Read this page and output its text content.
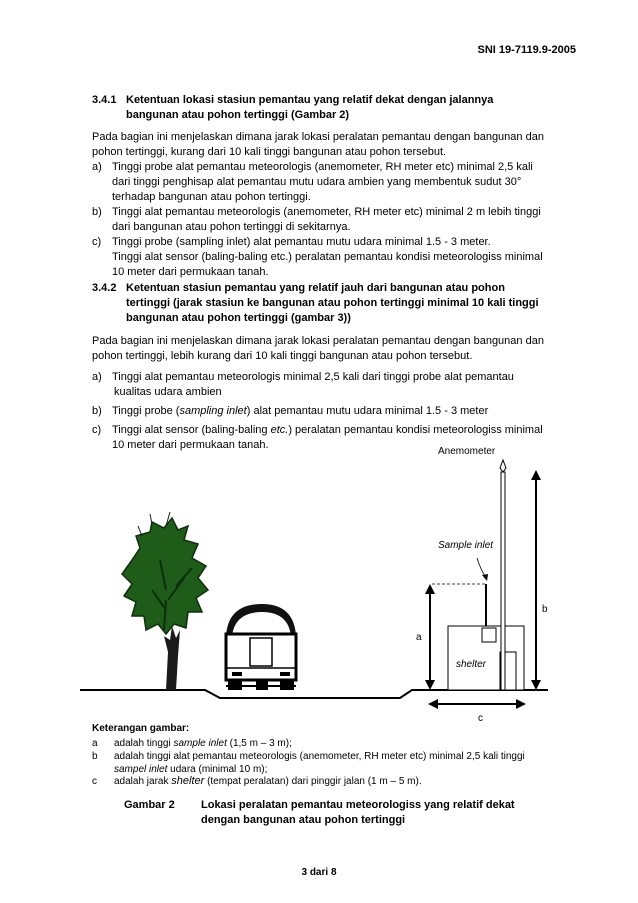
SNI 19-7119.9-2005
3.4.1 Ketentuan lokasi stasiun pemantau yang relatif dekat dengan jalannya
bangunan atau pohon tertinggi (Gambar 2)
Pada bagian ini menjelaskan dimana jarak lokasi peralatan pemantau dengan bangunan dan
pohon tertinggi, kurang dari 10 kali tinggi bangunan atau pohon tersebut.
a) Tinggi probe alat pemantau meteorologis (anemometer, RH meter etc) minimal 2,5 kali
dari tinggi penghisap alat pemantau mutu udara ambien yang membentuk sudut 30°
terhadap bangunan atau pohon tertinggi.
b) Tinggi alat pemantau meteorologis (anemometer, RH meter etc) minimal 2 m lebih tinggi
dari bangunan atau pohon tertinggi di sekitarnya.
c) Tinggi probe (sampling inlet) alat pemantau mutu udara minimal 1.5 - 3 meter.
Tinggi alat sensor (baling-baling etc.) peralatan pemantau kondisi meteorologiss minimal
10 meter dari permukaan tanah.
3.4.2 Ketentuan stasiun pemantau yang relatif jauh dari bangunan atau pohon
tertinggi (jarak stasiun ke bangunan atau pohon tertinggi minimal 10 kali tinggi
bangunan atau pohon tertinggi (gambar 3))
Pada bagian ini menjelaskan dimana jarak lokasi peralatan pemantau dengan bangunan dan
pohon tertinggi, lebih kurang dari 10 kali tinggi bangunan atau pohon tersebut.
a) Tinggi alat pemantau meteorologis minimal 2,5 kali dari tinggi probe alat pemantau
kualitas udara ambien
b) Tinggi probe (sampling inlet) alat pemantau mutu udara minimal 1.5 - 3 meter
c) Tinggi alat sensor (baling-baling etc.) peralatan pemantau kondisi meteorologiss minimal
10 meter dari permukaan tanah.
Anemometer
Sample inlet
shelter
a
b
c
Keterangan gambar:
a adalah tinggi sample inlet (1,5 m – 3 m);
b adalah tinggi alat pemantau meteorologis (anemometer, RH meter etc) minimal 2,5 kali tinggi
sampel inlet udara (minimal 10 m);
c adalah jarak shelter (tempat peralatan) dari pinggir jalan (1 m – 5 m).
Gambar 2 Lokasi peralatan pemantau meteorologiss yang relatif dekat
dengan bangunan atau pohon tertinggi
3 dari 8
